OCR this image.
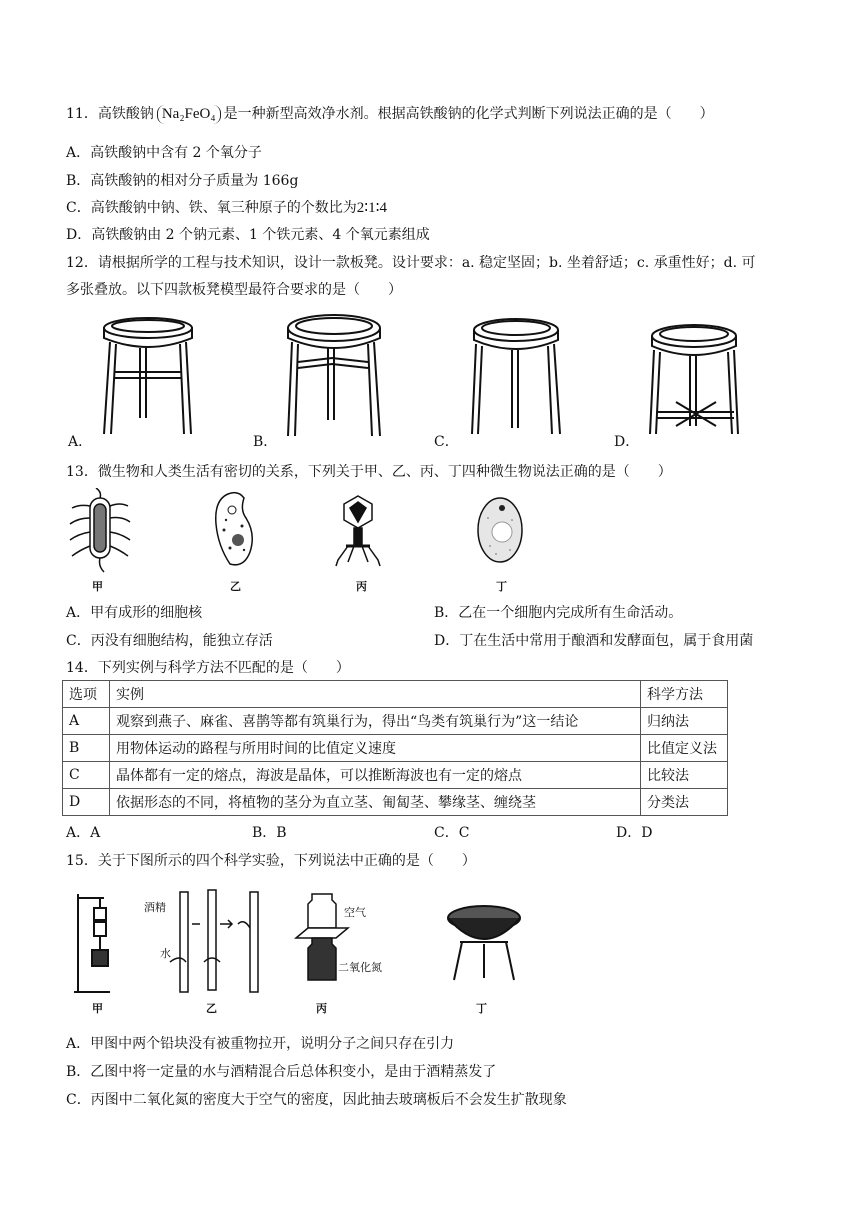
11．高铁酸钠 Na₂FeO₄ 是一种新型高效净水剂。根据高铁酸钠的化学式判断下列说法正确的是（　　）
A．高铁酸钠中含有 2 个氧分子
B．高铁酸钠的相对分子质量为 166g
C．高铁酸钠中钠、铁、氧三种原子的个数比为2∶1∶4
D．高铁酸钠由 2 个钠元素、1 个铁元素、4 个氧元素组成
12．请根据所学的工程与技术知识，设计一款板凳。设计要求：a. 稳定坚固；b. 坐着舒适；c. 承重性好；d. 可
多张叠放。以下四款板凳模型最符合要求的是（　　）
A．	B．	C．	D．
13．微生物和人类生活有密切的关系，下列关于甲、乙、丙、丁四种微生物说法正确的是（　　）
甲	乙	丙	丁
A．甲有成形的细胞核	B．乙在一个细胞内完成所有生命活动。
C．丙没有细胞结构，能独立存活	D．丁在生活中常用于酿酒和发酵面包，属于食用菌
14．下列实例与科学方法不匹配的是（　　）
选项	实例	科学方法
A	观察到燕子、麻雀、喜鹊等都有筑巢行为，得出“鸟类有筑巢行为”这一结论	归纳法
B	用物体运动的路程与所用时间的比值定义速度	比值定义法
C	晶体都有一定的熔点，海波是晶体，可以推断海波也有一定的熔点	比较法
D	依据形态的不同，将植物的茎分为直立茎、匍匐茎、攀缘茎、缠绕茎	分类法
A．A	B．B	C．C	D．D
15．关于下图所示的四个科学实验，下列说法中正确的是（　　）
酒精
水
空气
二氧化氮
甲	乙	丙	丁
A．甲图中两个铅块没有被重物拉开，说明分子之间只存在引力
B．乙图中将一定量的水与酒精混合后总体积变小，是由于酒精蒸发了
C．丙图中二氧化氮的密度大于空气的密度，因此抽去玻璃板后不会发生扩散现象
